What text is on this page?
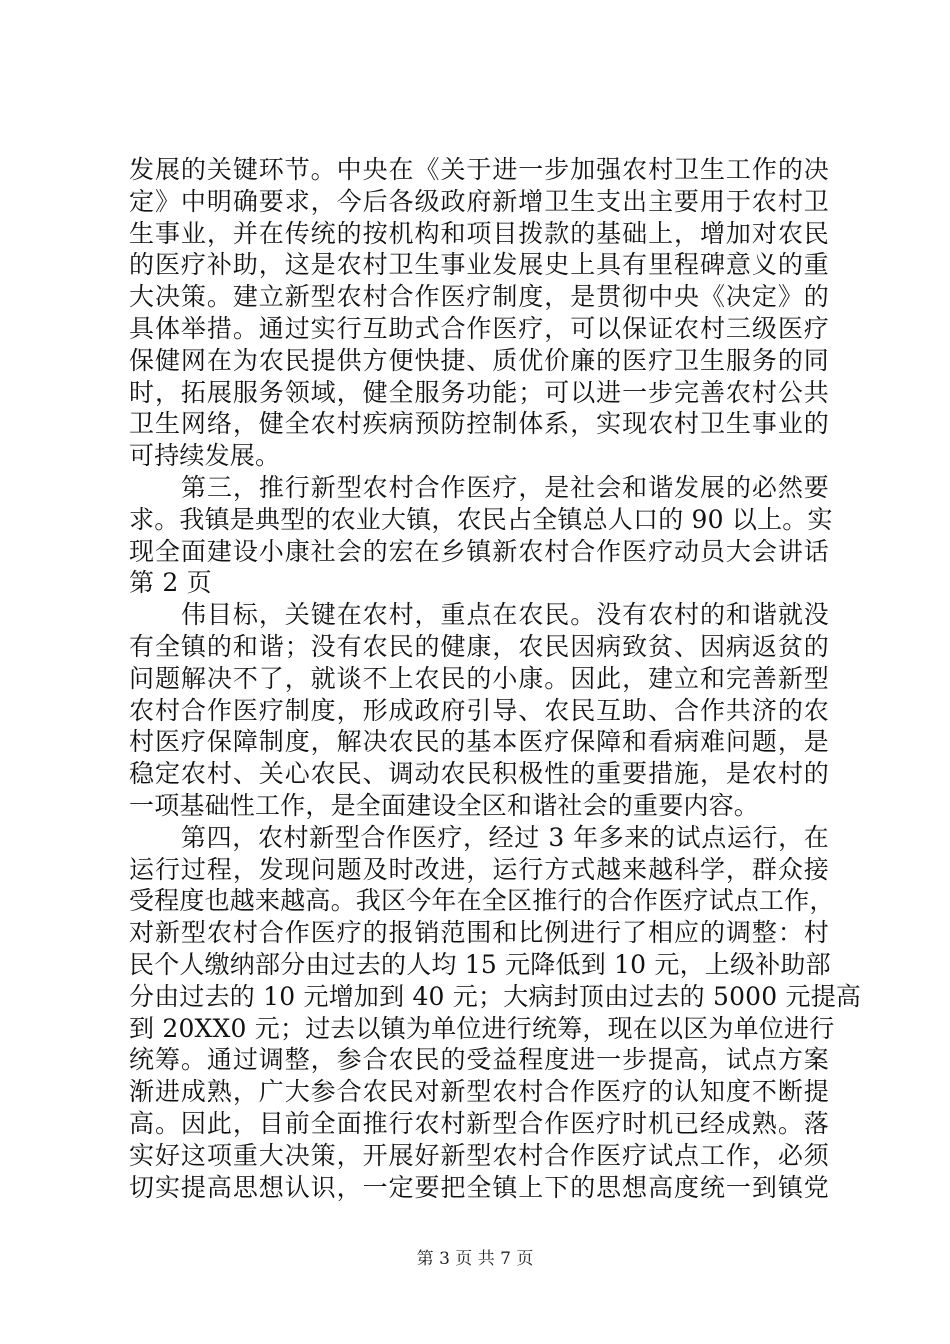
发展的关键环节。中央在《关于进一步加强农村卫生工作的决
定》中明确要求，今后各级政府新增卫生支出主要用于农村卫
生事业，并在传统的按机构和项目拨款的基础上，增加对农民
的医疗补助，这是农村卫生事业发展史上具有里程碑意义的重
大决策。建立新型农村合作医疗制度，是贯彻中央《决定》的
具体举措。通过实行互助式合作医疗，可以保证农村三级医疗
保健网在为农民提供方便快捷、质优价廉的医疗卫生服务的同
时，拓展服务领域，健全服务功能；可以进一步完善农村公共
卫生网络，健全农村疾病预防控制体系，实现农村卫生事业的
可持续发展。
第三，推行新型农村合作医疗，是社会和谐发展的必然要
求。我镇是典型的农业大镇，农民占全镇总人口的 90 以上。实
现全面建设小康社会的宏在乡镇新农村合作医疗动员大会讲话
第 2 页
伟目标，关键在农村，重点在农民。没有农村的和谐就没
有全镇的和谐；没有农民的健康，农民因病致贫、因病返贫的
问题解决不了，就谈不上农民的小康。因此，建立和完善新型
农村合作医疗制度，形成政府引导、农民互助、合作共济的农
村医疗保障制度，解决农民的基本医疗保障和看病难问题，是
稳定农村、关心农民、调动农民积极性的重要措施，是农村的
一项基础性工作，是全面建设全区和谐社会的重要内容。
第四，农村新型合作医疗，经过 3 年多来的试点运行，在
运行过程，发现问题及时改进，运行方式越来越科学，群众接
受程度也越来越高。我区今年在全区推行的合作医疗试点工作，
对新型农村合作医疗的报销范围和比例进行了相应的调整：村
民个人缴纳部分由过去的人均 15 元降低到 10 元，上级补助部
分由过去的 10 元增加到 40 元；大病封顶由过去的 5000 元提高
到 20XX0 元；过去以镇为单位进行统筹，现在以区为单位进行
统筹。通过调整，参合农民的受益程度进一步提高，试点方案
渐进成熟，广大参合农民对新型农村合作医疗的认知度不断提
高。因此，目前全面推行农村新型合作医疗时机已经成熟。落
实好这项重大决策，开展好新型农村合作医疗试点工作，必须
切实提高思想认识，一定要把全镇上下的思想高度统一到镇党
第 3 页 共 7 页
